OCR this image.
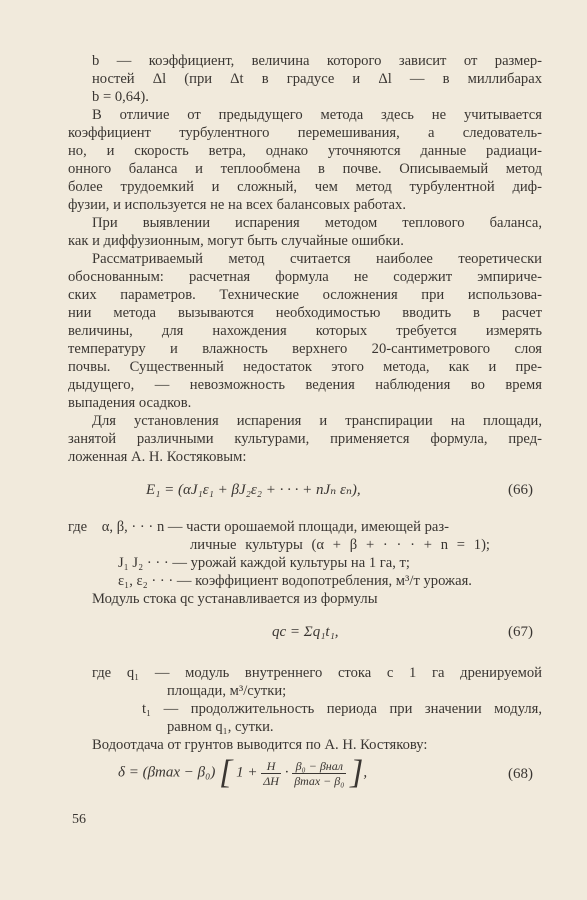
b — коэффициент, величина которого зависит от размер-
ностей Δl (при Δt в градусе и Δl — в миллибарах
b = 0,64).
В отличие от предыдущего метода здесь не учитывается
коэффициент турбулентного перемешивания, а следователь-
но, и скорость ветра, однако уточняются данные радиаци-
онного баланса и теплообмена в почве. Описываемый метод
более трудоемкий и сложный, чем метод турбулентной диф-
фузии, и используется не на всех балансовых работах.
При выявлении испарения методом теплового баланса,
как и диффузионным, могут быть случайные ошибки.
Рассматриваемый метод считается наиболее теоретически
обоснованным: расчетная формула не содержит эмпириче-
ских параметров. Технические осложнения при использова-
нии метода вызываются необходимостью вводить в расчет
величины, для нахождения которых требуется измерять
температуру и влажность верхнего 20-сантиметрового слоя
почвы. Существенный недостаток этого метода, как и пре-
дыдущего, — невозможность ведения наблюдения во время
выпадения осадков.
Для установления испарения и транспирации на площади,
занятой различными культурами, применяется формула, пред-
ложенная А. Н. Костяковым:
E₁ = (αJ₁ε₁ + βJ₂ε₂ + · · · + nJₙ εₙ),	(66)
где    α, β, · · · n — части орошаемой площади, имеющей раз-
личные культуры (α + β + · · · + n = 1);
J₁ J₂ · · · — урожай каждой культуры на 1 га, т;
ε₁, ε₂ · · · — коэффициент водопотребления, м³/т урожая.
Модуль стока qс устанавливается из формулы
qс = Σq₁t₁,	(67)
где q₁ — модуль внутреннего стока с 1 га дренируемой
площади, м³/сутки;
t₁ — продолжительность периода при значении модуля,
равном q₁, сутки.
Водоотдача от грунтов выводится по А. Н. Костякову:
δ = (βmax − β₀) [ $1 + \frac{H}{\Delta H} \cdot \frac{\text{β₀ − βнал}}{\text{βmax − β₀}}$ ],	(68)
56
